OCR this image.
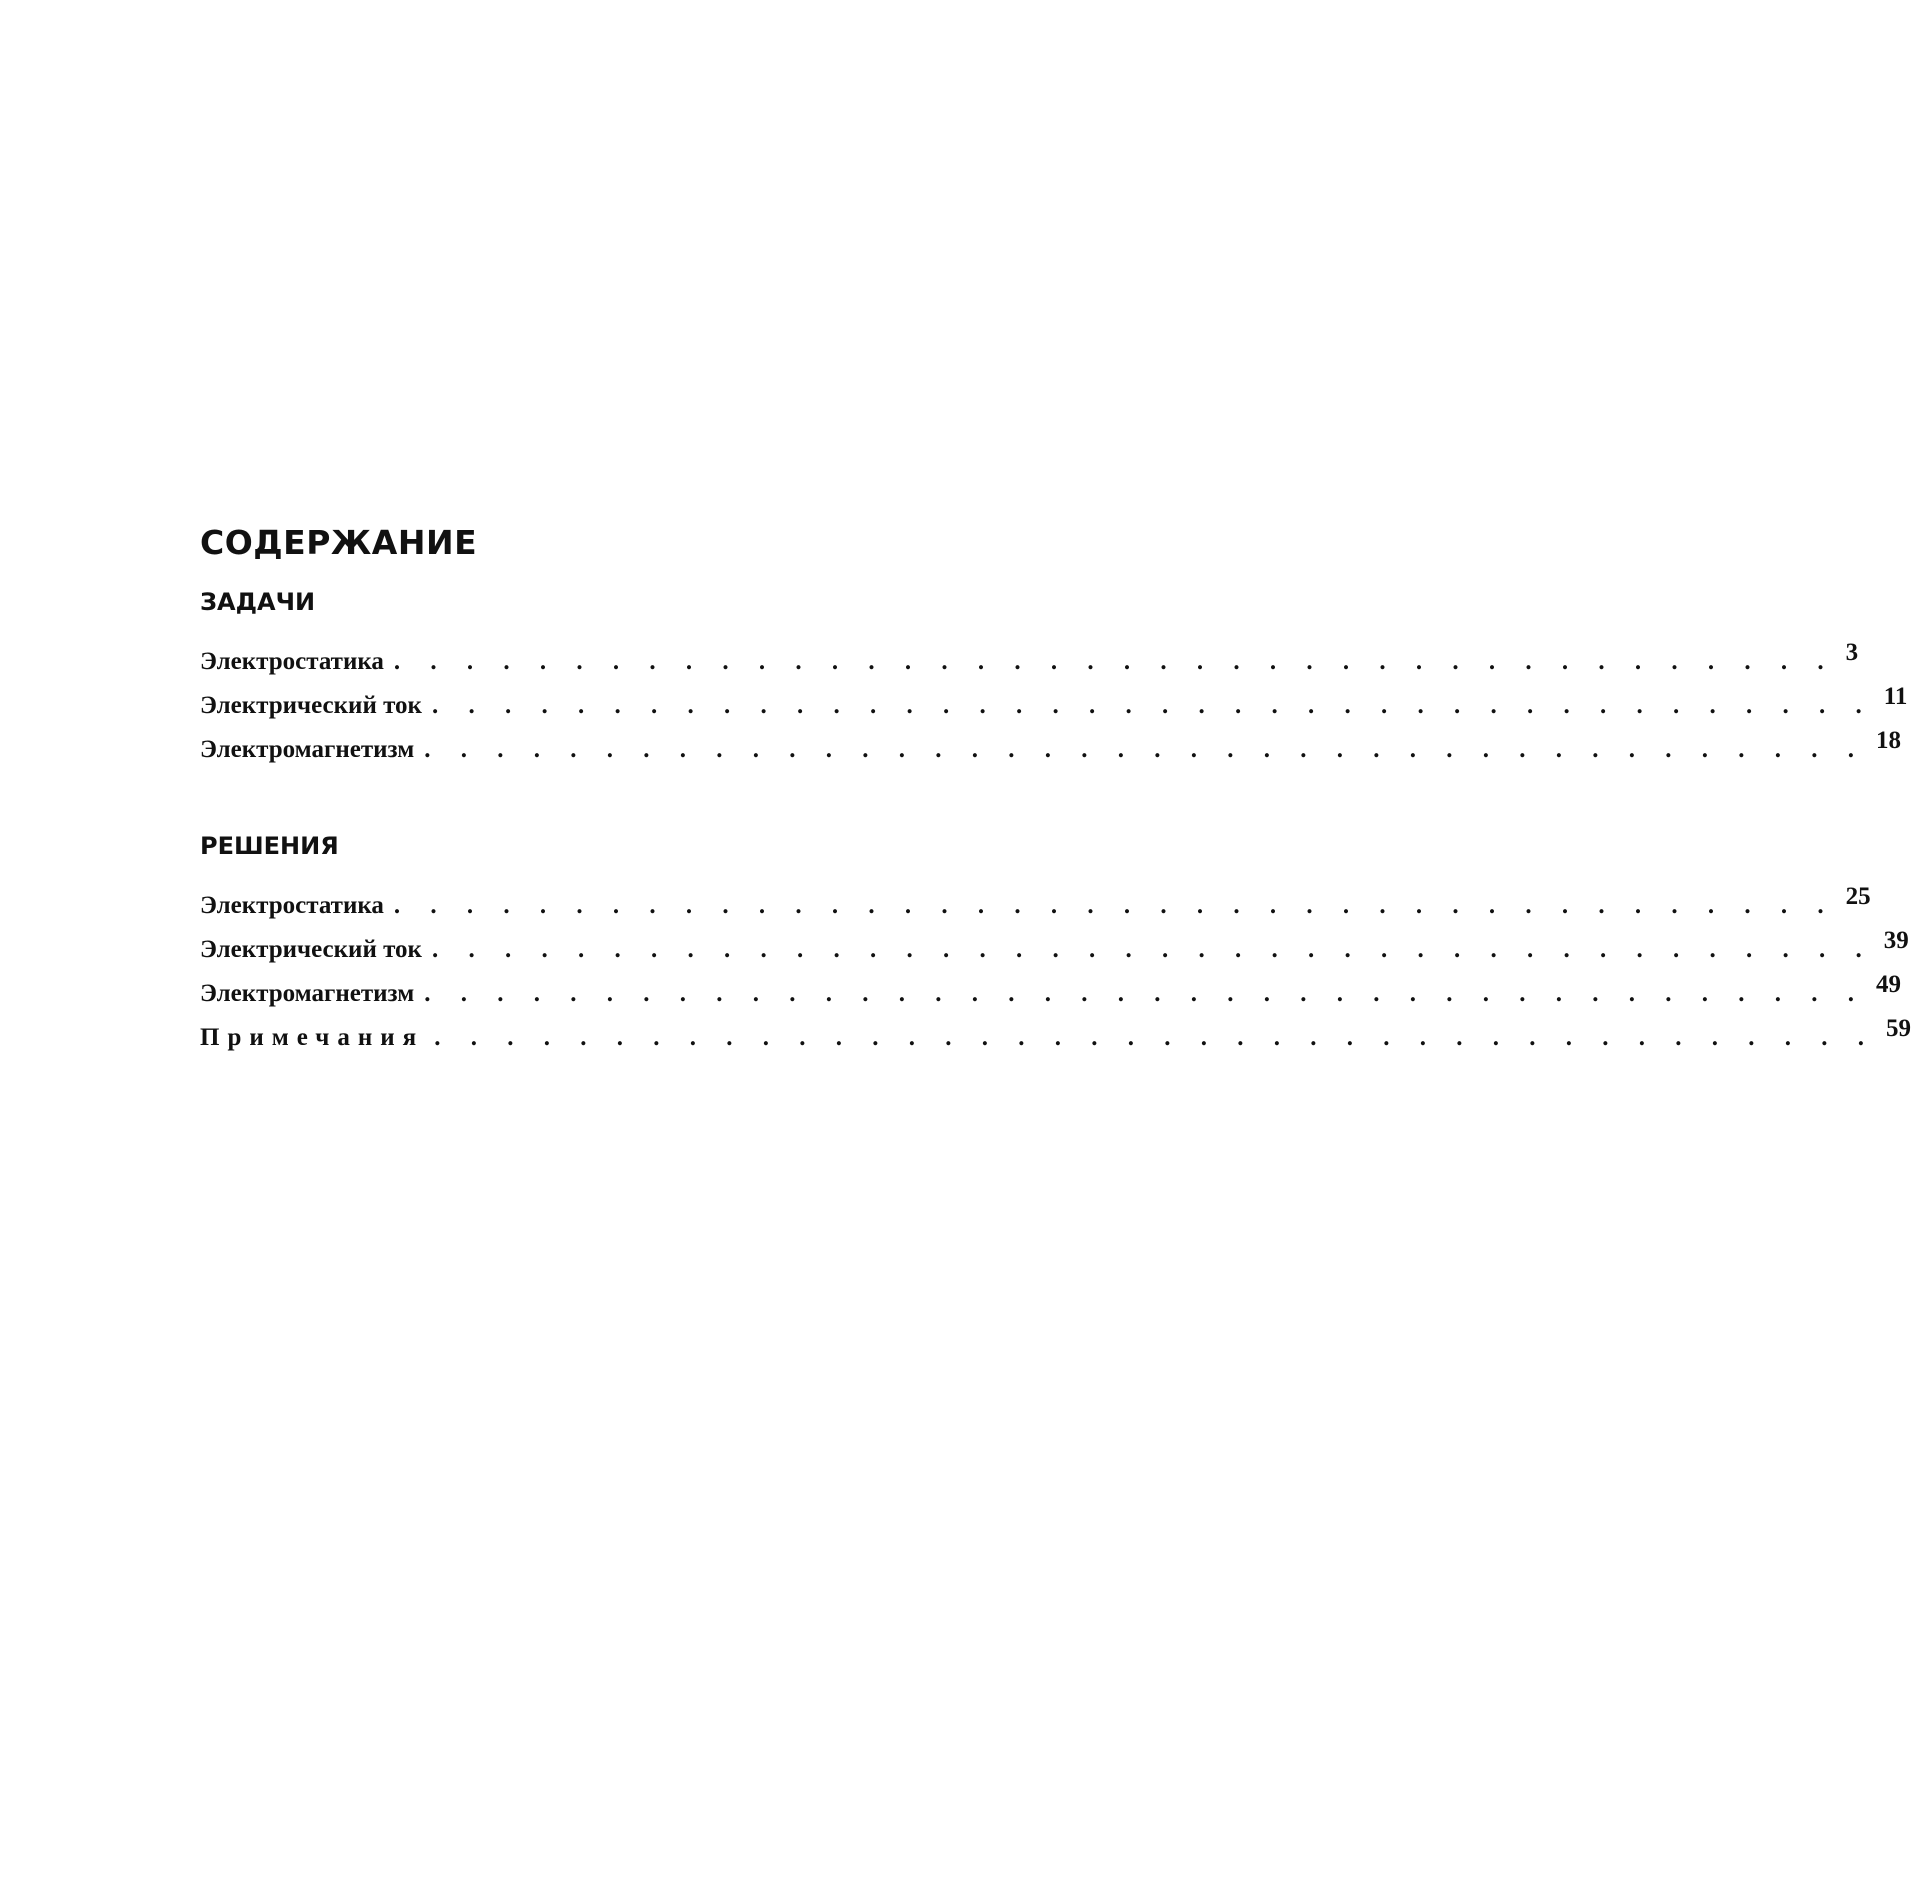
СОДЕРЖАНИЕ
ЗАДАЧИ
Электростатика . . . . . . . . . . . . . . . . . . . . . . . . . . . . . . . . . . . . . . . . 3
Электрический ток . . . . . . . . . . . . . . . . . . . . . . . . . . . . . . . . . . . . . . . . 11
Электромагнетизм . . . . . . . . . . . . . . . . . . . . . . . . . . . . . . . . . . . . . . . . 18
РЕШЕНИЯ
Электростатика . . . . . . . . . . . . . . . . . . . . . . . . . . . . . . . . . . . . . . . . 25
Электрический ток . . . . . . . . . . . . . . . . . . . . . . . . . . . . . . . . . . . . . . . . 39
Электромагнетизм . . . . . . . . . . . . . . . . . . . . . . . . . . . . . . . . . . . . . . . . 49
Примечания . . . . . . . . . . . . . . . . . . . . . . . . . . . . . . . . . . . . . . . . 59
